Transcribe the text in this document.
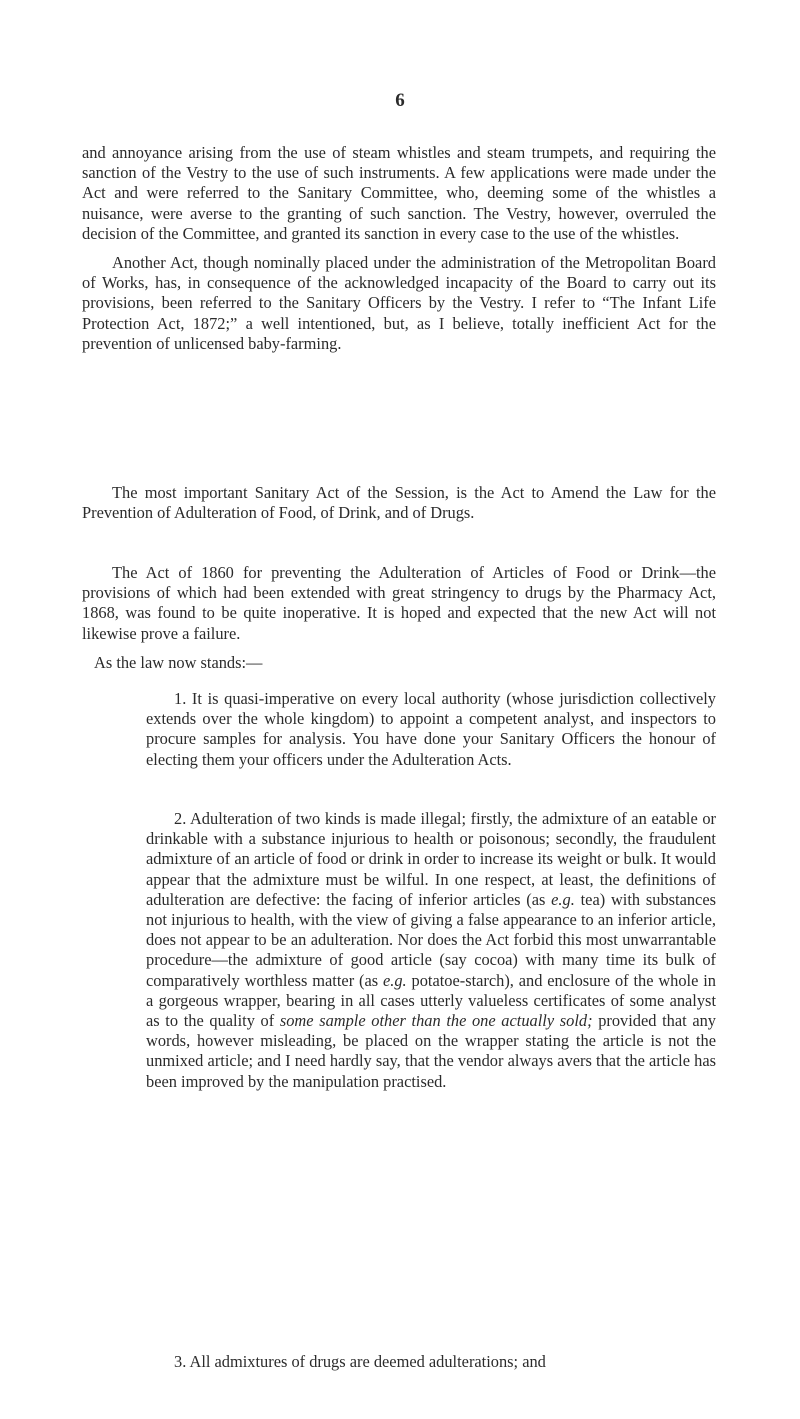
6

and annoyance arising from the use of steam whistles and steam trumpets, and requiring the sanction of the Vestry to the use of such instruments. A few applications were made under the Act and were referred to the Sanitary Committee, who, deeming some of the whistles a nuisance, were averse to the granting of such sanction. The Vestry, however, overruled the decision of the Committee, and granted its sanction in every case to the use of the whistles.

Another Act, though nominally placed under the administration of the Metropolitan Board of Works, has, in consequence of the acknowledged incapacity of the Board to carry out its provisions, been referred to the Sanitary Officers by the Vestry. I refer to “The Infant Life Protection Act, 1872;” a well intentioned, but, as I believe, totally inefficient Act for the prevention of unlicensed baby-farming.

The most important Sanitary Act of the Session, is the Act to Amend the Law for the Prevention of Adulteration of Food, of Drink, and of Drugs.

The Act of 1860 for preventing the Adulteration of Articles of Food or Drink—the provisions of which had been extended with great stringency to drugs by the Pharmacy Act, 1868, was found to be quite inoperative. It is hoped and expected that the new Act will not likewise prove a failure.

As the law now stands:—

1. It is quasi-imperative on every local authority (whose jurisdiction collectively extends over the whole kingdom) to appoint a competent analyst, and inspectors to procure samples for analysis. You have done your Sanitary Officers the honour of electing them your officers under the Adulteration Acts.

2. Adulteration of two kinds is made illegal; firstly, the admixture of an eatable or drinkable with a substance injurious to health or poisonous; secondly, the fraudulent admixture of an article of food or drink in order to increase its weight or bulk. It would appear that the admixture must be wilful. In one respect, at least, the definitions of adulteration are defective: the facing of inferior articles (as e.g. tea) with substances not injurious to health, with the view of giving a false appearance to an inferior article, does not appear to be an adulteration. Nor does the Act forbid this most unwarrantable procedure—the admixture of good article (say cocoa) with many time its bulk of comparatively worthless matter (as e.g. potatoe-starch), and enclosure of the whole in a gorgeous wrapper, bearing in all cases utterly valueless certificates of some analyst as to the quality of some sample other than the one actually sold; provided that any words, however misleading, be placed on the wrapper stating the article is not the unmixed article; and I need hardly say, that the vendor always avers that the article has been improved by the manipulation practised.

3. All admixtures of drugs are deemed adulterations; and
